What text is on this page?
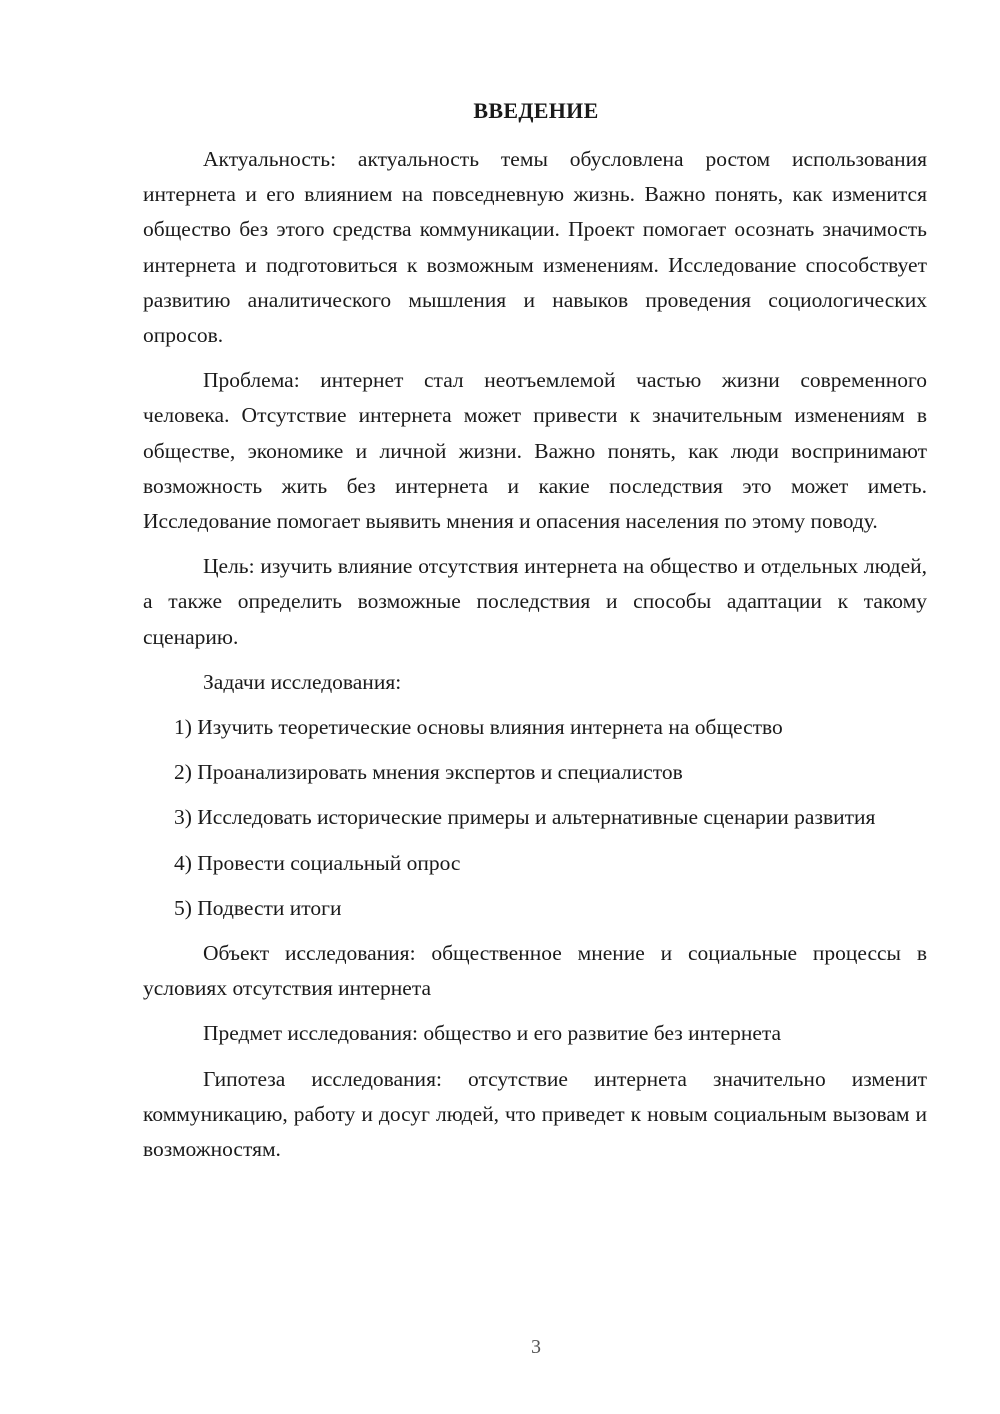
ВВЕДЕНИЕ

Актуальность: актуальность темы обусловлена ростом использования интернета и его влиянием на повседневную жизнь. Важно понять, как изменится общество без этого средства коммуникации. Проект помогает осознать значимость интернета и подготовиться к возможным изменениям. Исследование способствует развитию аналитического мышления и навыков проведения социологических опросов.

Проблема: интернет стал неотъемлемой частью жизни современного человека. Отсутствие интернета может привести к значительным изменениям в обществе, экономике и личной жизни. Важно понять, как люди воспринимают возможность жить без интернета и какие последствия это может иметь. Исследование помогает выявить мнения и опасения населения по этому поводу.

Цель: изучить влияние отсутствия интернета на общество и отдельных людей, а также определить возможные последствия и способы адаптации к такому сценарию.

Задачи исследования:

1) Изучить теоретические основы влияния интернета на общество

2) Проанализировать мнения экспертов и специалистов

3) Исследовать исторические примеры и альтернативные сценарии развития

4) Провести социальный опрос

5) Подвести итоги

Объект исследования: общественное мнение и социальные процессы в условиях отсутствия интернета

Предмет исследования: общество и его развитие без интернета

Гипотеза исследования: отсутствие интернета значительно изменит коммуникацию, работу и досуг людей, что приведет к новым социальным вызовам и возможностям.

3
